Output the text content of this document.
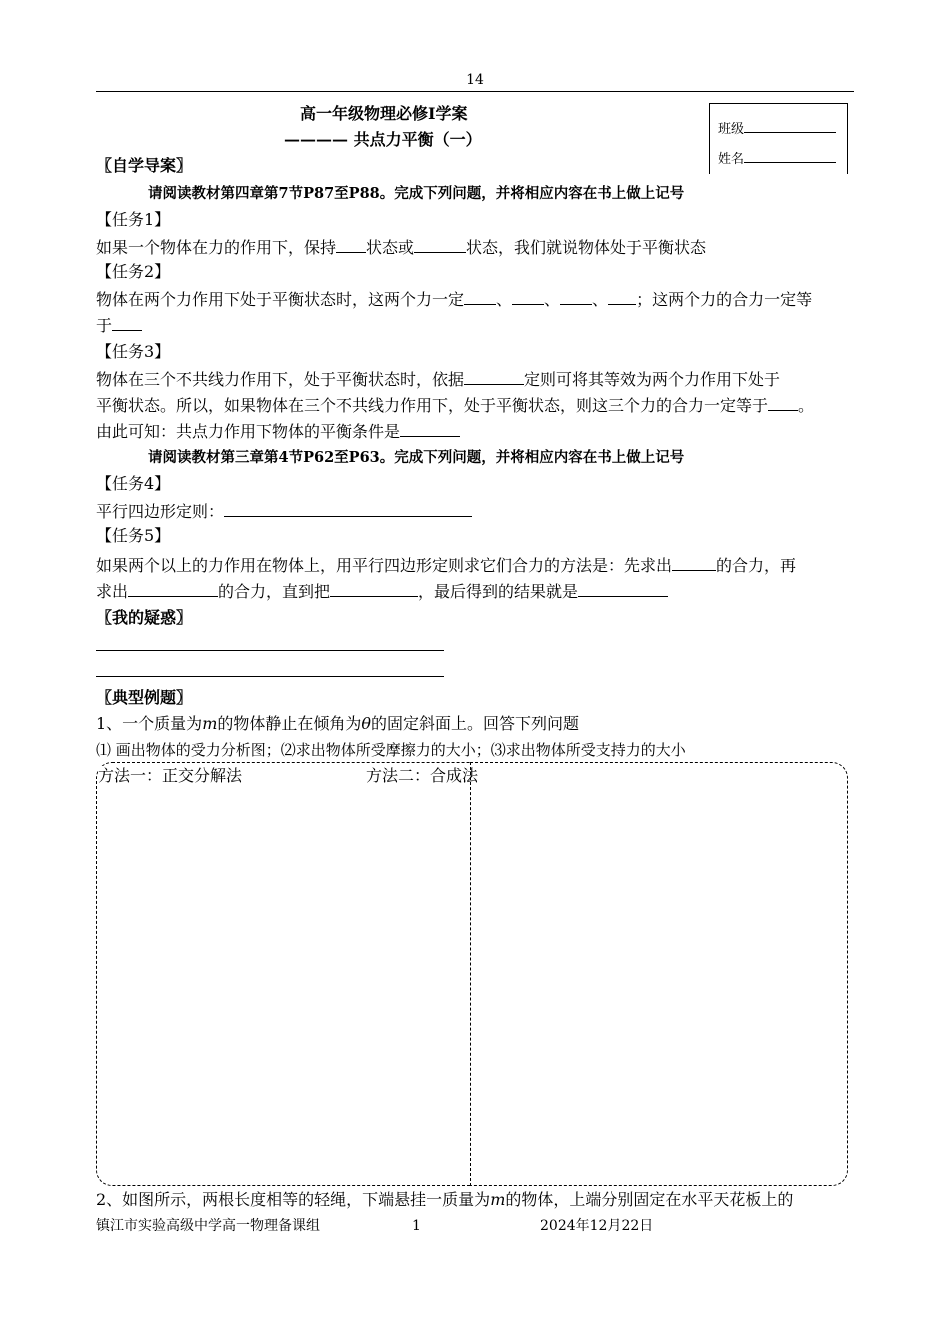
14
高一年级物理必修Ⅰ学案
———— 共点力平衡（一）
班级
姓名
〖自学导案〗
请阅读教材第四章第7节P87至P88。完成下列问题，并将相应内容在书上做上记号
【任务1】
如果一个物体在力的作用下，保持 状态或	状态，我们就说物体处于平衡状态
【任务2】
物体在两个力作用下处于平衡状态时，这两个力一定 、 、 、 ；这两个力的合力一定等
于
【任务3】
物体在三个不共线力作用下，处于平衡状态时，依据	定则可将其等效为两个力作用下处于
平衡状态。所以，如果物体在三个不共线力作用下，处于平衡状态，则这三个力的合力一定等于 。
由此可知：共点力作用下物体的平衡条件是
请阅读教材第三章第4节P62至P63。完成下列问题，并将相应内容在书上做上记号
【任务4】
平行四边形定则：
【任务5】
如果两个以上的力作用在物体上，用平行四边形定则求它们合力的方法是：先求出	的合力，再
求出	的合力，直到把	，最后得到的结果就是
〖我的疑惑〗
〖典型例题〗
1、一个质量为m的物体静止在倾角为θ的固定斜面上。回答下列问题
⑴ 画出物体的受力分析图；⑵求出物体所受摩擦力的大小；⑶求出物体所受支持力的大小
方法一：正交分解法	方法二：合成法
2、如图所示，两根长度相等的轻绳，下端悬挂一质量为m的物体，上端分别固定在水平天花板上的
镇江市实验高级中学高一物理备课组	1	2024年12月22日
